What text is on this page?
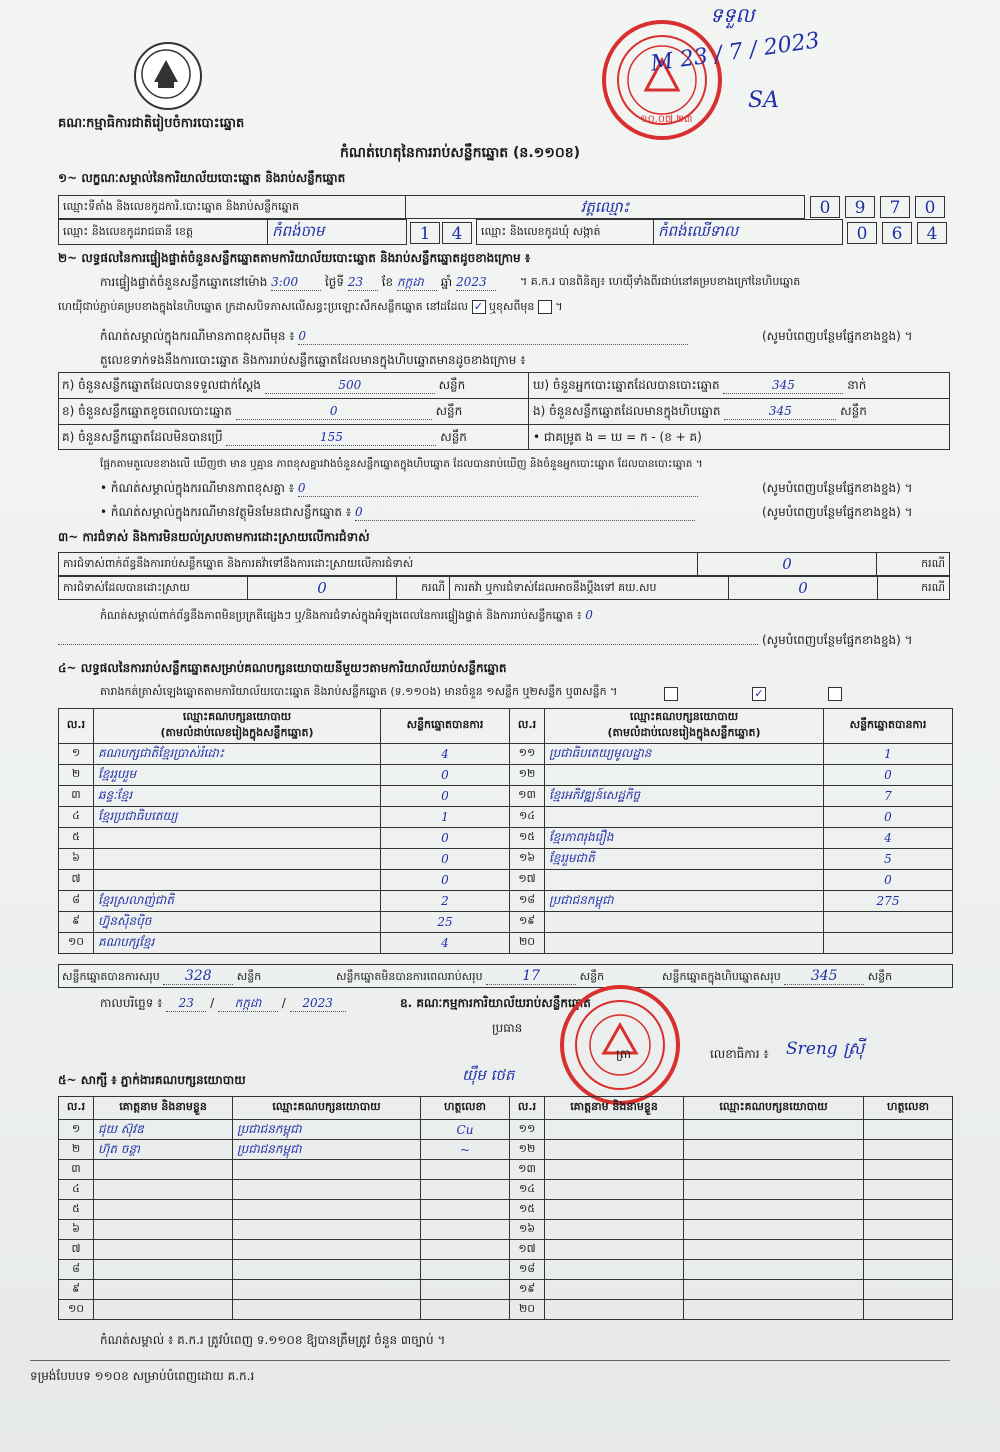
គណៈកម្មាធិការជាតិរៀបចំការបោះឆ្នោត
កំណត់ហេតុនៃការរាប់សន្លឹកឆ្នោត (ន.១១០ខ)
១០.០៧.២៣
ទទួល
M 23 / 7 / 2023
SA
១~ លក្ខណៈសម្គាល់នៃការិយាល័យបោះឆ្នោត និងរាប់សន្លឹកឆ្នោត
ឈ្មោះទីតាំង និងលេខកូដការិ.បោះឆ្នោត និងរាប់សន្លឹកឆ្នោត	វត្តឈ្មោះ	0	9	7	0
ឈ្មោះ និងលេខកូដរាជធានី ខេត្ត	កំពង់ចាម	1	4	ឈ្មោះ និងលេខកូដឃុំ សង្កាត់	កំពង់ឈើទាល	0	6	4
២~ លទ្ធផលនៃការផ្ទៀងផ្ទាត់ចំនួនសន្លឹកឆ្នោតតាមការិយាល័យបោះឆ្នោត និងរាប់សន្លឹកឆ្នោតដូចខាងក្រោម ៖
ការផ្ទៀងផ្ទាត់ចំនួនសន្លឹកឆ្នោតនៅម៉ោង 3:00 ថ្ងៃទី 23 ខែ កក្កដា ឆ្នាំ 2023	។ គ.ក.រ បានពិនិត្យ៖ ហេយ៉ីទាំងពីរជាប់នៅគម្របខាងក្រៅនៃហិបឆ្នោត
ហេយ៉ីជាប់ភ្ជាប់គម្របខាងក្នុងនៃហិបឆ្នោត ក្រដាសបិទភាសលើសន្ធះប្រឡោះសឹកសន្លឹកឆ្នោត នៅដដែល ✓ ឬខុសពីមុន  ។
កំណត់សម្គាល់ក្នុងករណីមានភាពខុសពីមុន ៖ 0	(សូមបំពេញបន្ថែមផ្នែកខាងខ្នង) ។
តួលេខទាក់ទងនឹងការបោះឆ្នោត និងការរាប់សន្លឹកឆ្នោតដែលមានក្នុងហិបឆ្នោតមានដូចខាងក្រោម ៖
ក) ចំនួនសន្លឹកឆ្នោតដែលបានទទួលជាក់ស្ដែង	500	សន្លឹក
ខ) ចំនួនសន្លឹកឆ្នោតខូចពេលបោះឆ្នោត	0	សន្លឹក
គ) ចំនួនសន្លឹកឆ្នោតដែលមិនបានប្រើ	155	សន្លឹក
ឃ) ចំនួនអ្នកបោះឆ្នោតដែលបានបោះឆ្នោត	345	នាក់
ង) ចំនួនសន្លឹកឆ្នោតដែលមានក្នុងហិបឆ្នោត	345	សន្លឹក
• ជាគម្រូត ង = ឃ = ក - (ខ + គ)
ផ្អែកតាមតួលេខខាងលើ ឃើញថា មាន ឬគ្មាន ភាពខុសគ្នារវាងចំនួនសន្លឹកឆ្នោតក្នុងហិបឆ្នោត ដែលបានរាប់ឃើញ និងចំនួនអ្នកបោះឆ្នោត ដែលបានបោះឆ្នោត ។
• កំណត់សម្គាល់ក្នុងករណីមានភាពខុសគ្នា ៖ 0	(សូមបំពេញបន្ថែមផ្នែកខាងខ្នង) ។
• កំណត់សម្គាល់ក្នុងករណីមានវត្ថុមិនមែនជាសន្លឹកឆ្នោត ៖ 0	(សូមបំពេញបន្ថែមផ្នែកខាងខ្នង) ។
៣~ ការជំទាស់ និងការមិនយល់ស្របតាមការដោះស្រាយលើការជំទាស់
ការជំទាស់ពាក់ព័ន្ធនឹងការរាប់សន្លឹកឆ្នោត និងការតវ៉ាទៅនឹងការដោះស្រាយលើការជំទាស់	0	ករណី
ការជំទាស់ដែលបានដោះស្រាយ	0	ករណី ការតវ៉ា ឬការជំទាស់ដែលអាចនឹងប្ដឹងទៅ គឃ.សប	0	ករណី
កំណត់សម្គាល់ពាក់ព័ន្ធនឹងភាពមិនប្រក្រតីផ្សេងៗ ឬ/និងការជំទាស់ក្នុងអំឡុងពេលនៃការផ្ទៀងផ្ទាត់ និងការរាប់សន្លឹកឆ្នោត ៖ 0
(សូមបំពេញបន្ថែមផ្នែកខាងខ្នង) ។
៤~ លទ្ធផលនៃការរាប់សន្លឹកឆ្នោតសម្រាប់គណបក្សនយោបាយនីមួយៗតាមការិយាល័យរាប់សន្លឹកឆ្នោត
តារាងកត់ត្រាសំឡេងឆ្នោតតាមការិយាល័យបោះឆ្នោត និងរាប់សន្លឹកឆ្នោត (ទ.១១០ង) មានចំនួន ១សន្លឹក ឬ២សន្លឹក ឬ៣សន្លឹក ។	✓
ល.រ	ឈ្មោះគណបក្សនយោបាយ
(តាមលំដាប់លេខរៀងក្នុងសន្លឹកឆ្នោត)	សន្លឹកឆ្នោតបានការ
១	គណបក្សជាតិខ្មែរប្រាស់រំដោះ	4
២	ខ្មែររួបរួម	0
៣	ឆន្ទៈខ្មែរ	0
៤	ខ្មែរប្រជាធិបតេយ្យ	1
៥		0
៦		0
៧		0
៨	ខ្មែរស្រលាញ់ជាតិ	2
៩	ហ្វ៊ុនស៊ិនប៉ិច	25
១០	គណបក្សខ្មែរ	4
ល.រ	ឈ្មោះគណបក្សនយោបាយ
(តាមលំដាប់លេខរៀងក្នុងសន្លឹកឆ្នោត)	សន្លឹកឆ្នោតបានការ
១១	ប្រជាធិបតេយ្យមូលដ្ឋាន	1
១២		0
១៣	ខ្មែរអភិវឌ្ឍន៍សេដ្ឋកិច្ច	7
១៤		0
១៥	ខ្មែរភាពរុងរឿង	4
១៦	ខ្មែររួមជាតិ	5
១៧		0
១៨	ប្រជាជនកម្ពុជា	275
១៩		
២០		
សន្លឹកឆ្នោតបានការសរុប 328 សន្លឹក	សន្លឹកឆ្នោតមិនបានការពេលរាប់សរុប	17	សន្លឹក	សន្លឹកឆ្នោតក្នុងហិបឆ្នោតសរុប 345	សន្លឹក
កាលបរិច្ឆេទ ៖ 23 / កក្កដា / 2023	ឧ. គណៈកម្មការការិយាល័យរាប់សន្លឹកឆ្នោត
ប្រធាន
ត្រា
យ៉ឹម ថេត
លេខាធិការ ៖ Sreng ស្រ៊ី
៥~ សាក្សី ៖ ភ្នាក់ងារគណបក្សនយោបាយ
ល.រ	គោត្តនាម និងនាមខ្លួន	ឈ្មោះគណបក្សនយោបាយ	ហត្ថលេខា
១	ជុយ ស៊ុវឌ	ប្រជាជនកម្ពុជា	Cu
២	ហ៊ុត ចន្ថា	ប្រជាជនកម្ពុជា	~
៣			
៤			
៥			
៦			
៧			
៨			
៩			
១០			
ល.រ	គោត្តនាម និងនាមខ្លួន	ឈ្មោះគណបក្សនយោបាយ	ហត្ថលេខា
១១			
១២			
១៣			
១៤			
១៥			
១៦			
១៧			
១៨			
១៩			
២០			
កំណត់សម្គាល់ ៖ គ.ក.រ ត្រូវបំពេញ ទ.១១០ខ ឱ្យបានត្រឹមត្រូវ ចំនួន ៣ច្បាប់ ។
ទម្រង់បែបបទ ១១០ខ សម្រាប់បំពេញដោយ គ.ក.រ
